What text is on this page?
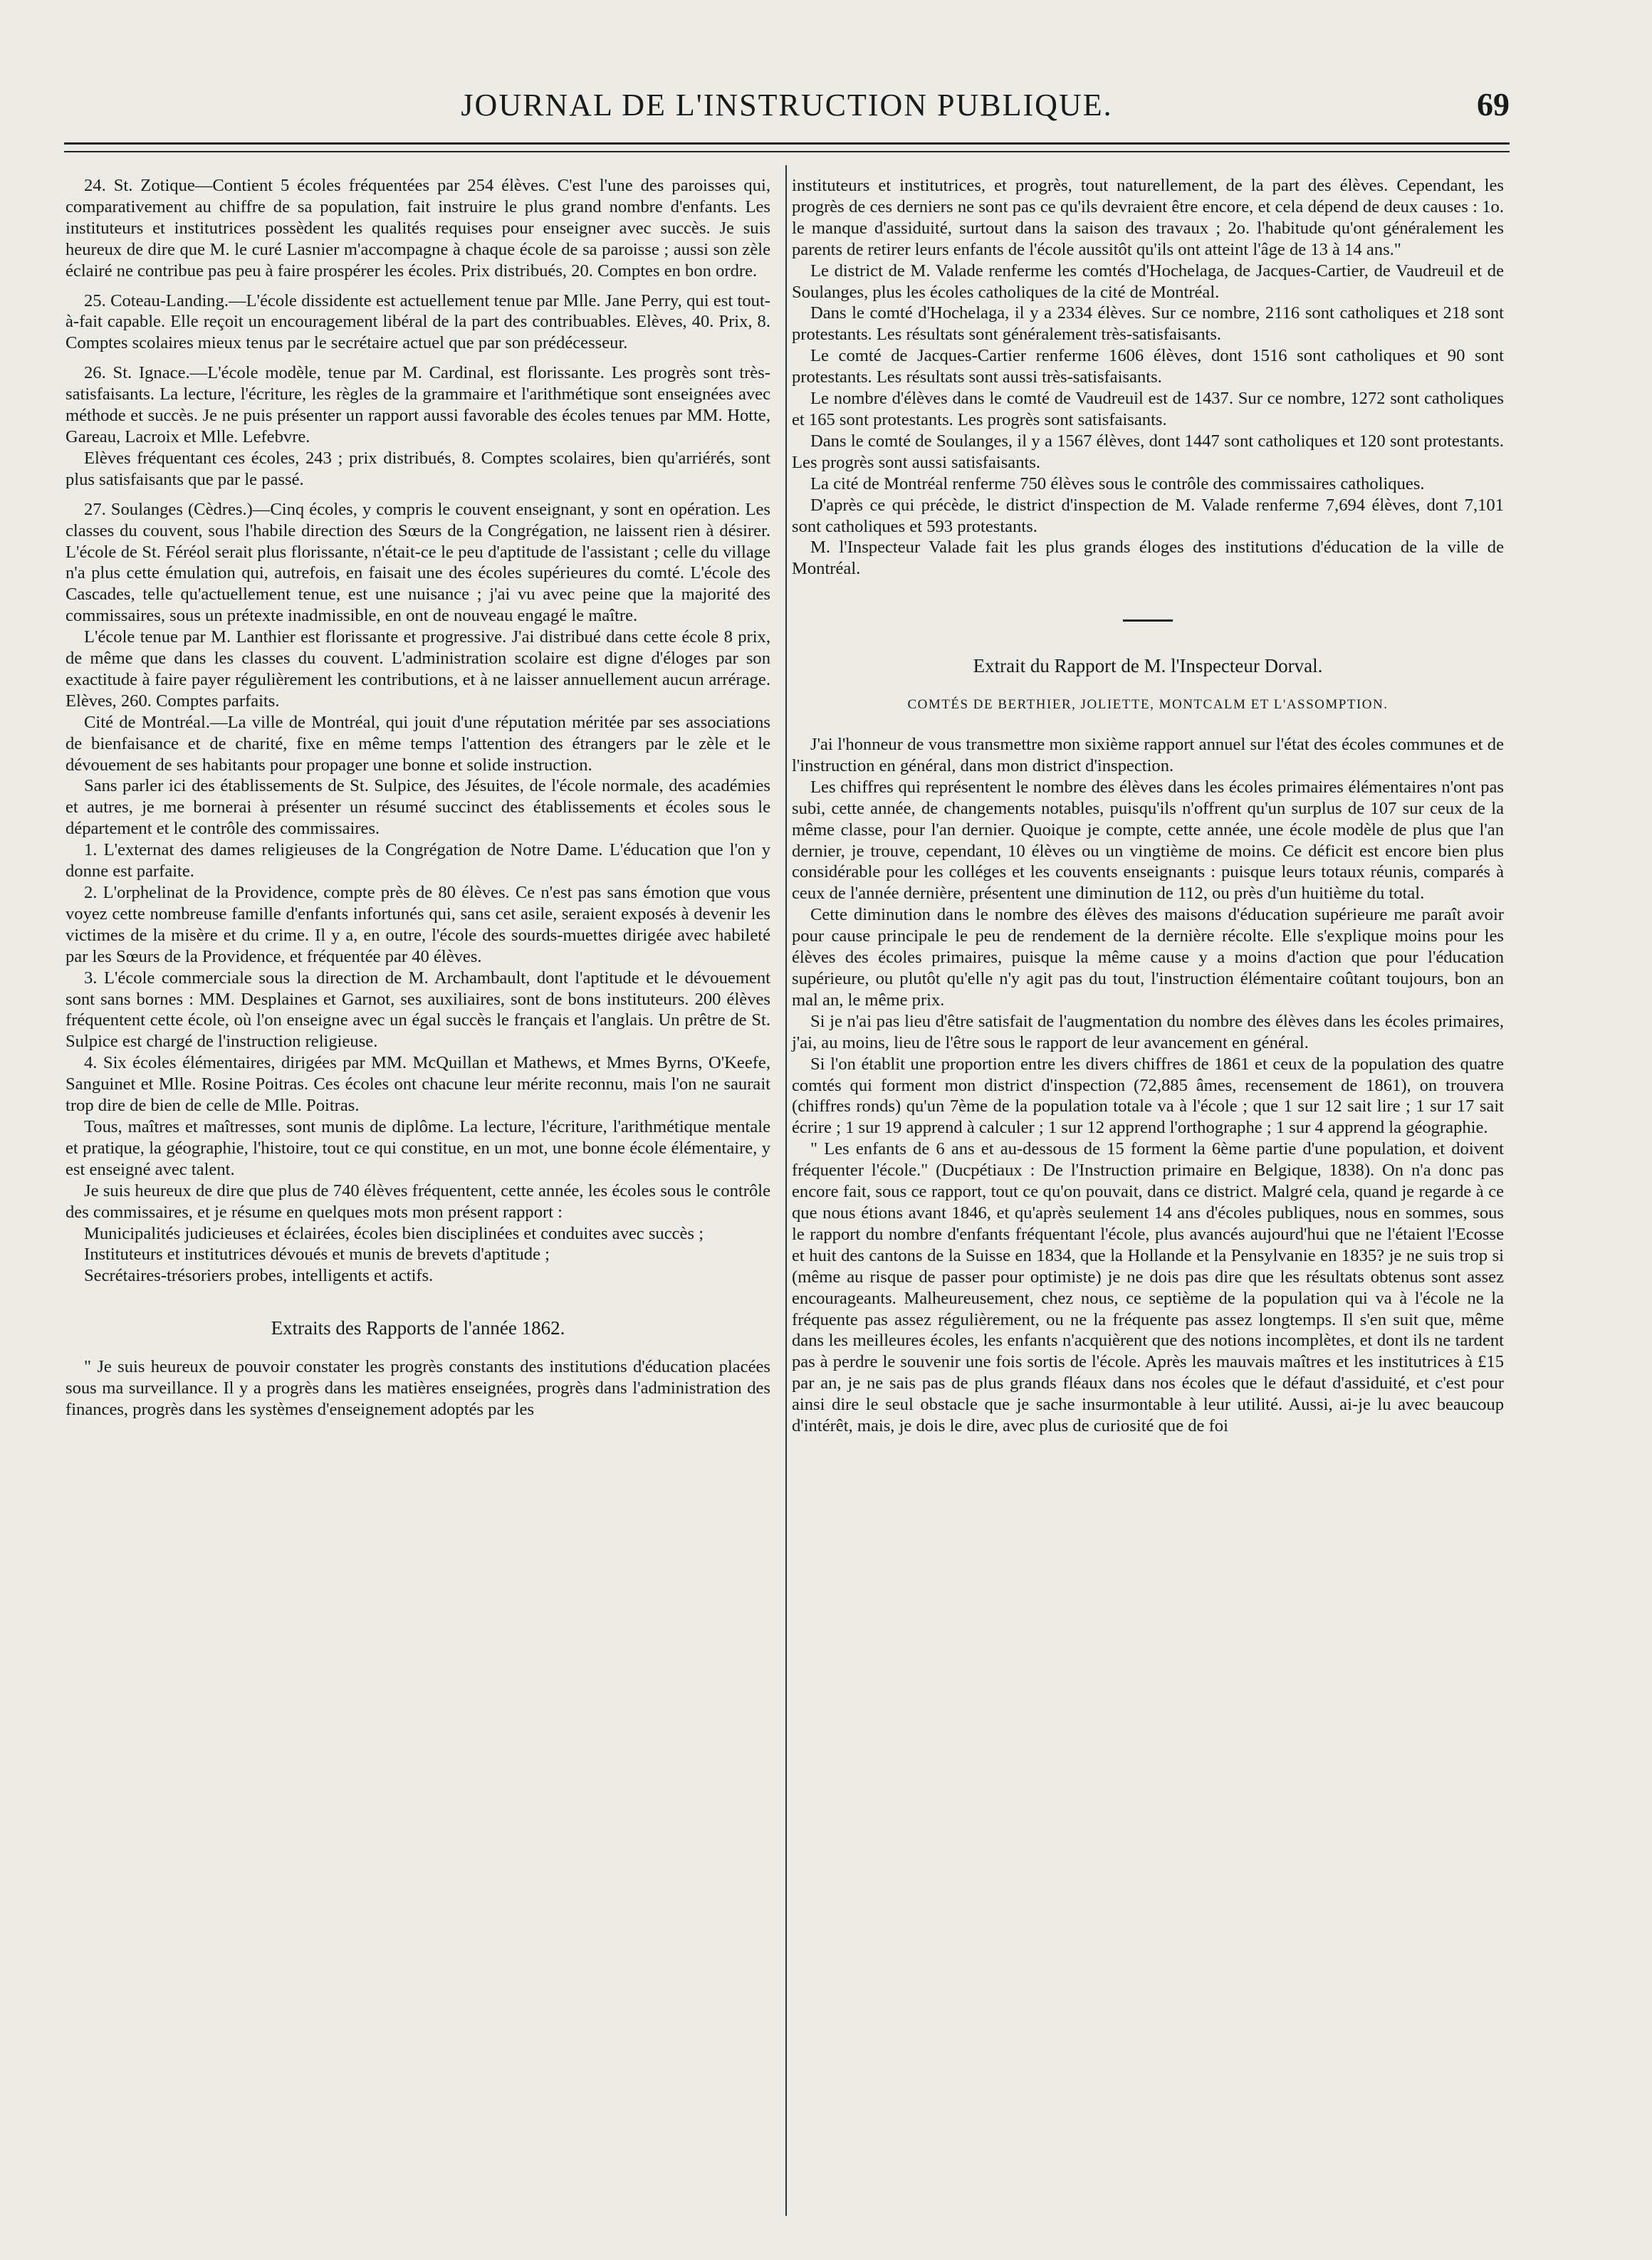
JOURNAL DE L'INSTRUCTION PUBLIQUE.	69

24. St. Zotique—Contient 5 écoles fréquentées par 254 élèves. C'est l'une des paroisses qui, comparativement au chiffre de sa population, fait instruire le plus grand nombre d'enfants. Les instituteurs et institutrices possèdent les qualités requises pour enseigner avec succès. Je suis heureux de dire que M. le curé Lasnier m'accompagne à chaque école de sa paroisse ; aussi son zèle éclairé ne contribue pas peu à faire prospérer les écoles. Prix distribués, 20. Comptes en bon ordre.

25. Coteau-Landing.—L'école dissidente est actuellement tenue par Mlle. Jane Perry, qui est tout-à-fait capable. Elle reçoit un encouragement libéral de la part des contribuables. Elèves, 40. Prix, 8. Comptes scolaires mieux tenus par le secrétaire actuel que par son prédécesseur.

26. St. Ignace.—L'école modèle, tenue par M. Cardinal, est florissante. Les progrès sont très-satisfaisants. La lecture, l'écriture, les règles de la grammaire et l'arithmétique sont enseignées avec méthode et succès. Je ne puis présenter un rapport aussi favorable des écoles tenues par MM. Hotte, Gareau, Lacroix et Mlle. Lefebvre.

Elèves fréquentant ces écoles, 243 ; prix distribués, 8. Comptes scolaires, bien qu'arriérés, sont plus satisfaisants que par le passé.

27. Soulanges (Cèdres.)—Cinq écoles, y compris le couvent enseignant, y sont en opération. Les classes du couvent, sous l'habile direction des Sœurs de la Congrégation, ne laissent rien à désirer. L'école de St. Féréol serait plus florissante, n'était-ce le peu d'aptitude de l'assistant ; celle du village n'a plus cette émulation qui, autrefois, en faisait une des écoles supérieures du comté. L'école des Cascades, telle qu'actuellement tenue, est une nuisance ; j'ai vu avec peine que la majorité des commissaires, sous un prétexte inadmissible, en ont de nouveau engagé le maître.

L'école tenue par M. Lanthier est florissante et progressive. J'ai distribué dans cette école 8 prix, de même que dans les classes du couvent. L'administration scolaire est digne d'éloges par son exactitude à faire payer régulièrement les contributions, et à ne laisser annuellement aucun arrérage. Elèves, 260. Comptes parfaits.

Cité de Montréal.—La ville de Montréal, qui jouit d'une réputation méritée par ses associations de bienfaisance et de charité, fixe en même temps l'attention des étrangers par le zèle et le dévouement de ses habitants pour propager une bonne et solide instruction.

Sans parler ici des établissements de St. Sulpice, des Jésuites, de l'école normale, des académies et autres, je me bornerai à présenter un résumé succinct des établissements et écoles sous le département et le contrôle des commissaires.

1. L'externat des dames religieuses de la Congrégation de Notre Dame. L'éducation que l'on y donne est parfaite.

2. L'orphelinat de la Providence, compte près de 80 élèves. Ce n'est pas sans émotion que vous voyez cette nombreuse famille d'enfants infortunés qui, sans cet asile, seraient exposés à devenir les victimes de la misère et du crime. Il y a, en outre, l'école des sourds-muettes dirigée avec habileté par les Sœurs de la Providence, et fréquentée par 40 élèves.

3. L'école commerciale sous la direction de M. Archambault, dont l'aptitude et le dévouement sont sans bornes : MM. Desplaines et Garnot, ses auxiliaires, sont de bons instituteurs. 200 élèves fréquentent cette école, où l'on enseigne avec un égal succès le français et l'anglais. Un prêtre de St. Sulpice est chargé de l'instruction religieuse.

4. Six écoles élémentaires, dirigées par MM. McQuillan et Mathews, et Mmes Byrns, O'Keefe, Sanguinet et Mlle. Rosine Poitras. Ces écoles ont chacune leur mérite reconnu, mais l'on ne saurait trop dire de bien de celle de Mlle. Poitras.

Tous, maîtres et maîtresses, sont munis de diplôme. La lecture, l'écriture, l'arithmétique mentale et pratique, la géographie, l'histoire, tout ce qui constitue, en un mot, une bonne école élémentaire, y est enseigné avec talent.

Je suis heureux de dire que plus de 740 élèves fréquentent, cette année, les écoles sous le contrôle des commissaires, et je résume en quelques mots mon présent rapport :

Municipalités judicieuses et éclairées, écoles bien disciplinées et conduites avec succès ;

Instituteurs et institutrices dévoués et munis de brevets d'aptitude ;

Secrétaires-trésoriers probes, intelligents et actifs.

Extraits des Rapports de l'année 1862.

" Je suis heureux de pouvoir constater les progrès constants des institutions d'éducation placées sous ma surveillance. Il y a progrès dans les matières enseignées, progrès dans l'administration des finances, progrès dans les systèmes d'enseignement adoptés par les

instituteurs et institutrices, et progrès, tout naturellement, de la part des élèves. Cependant, les progrès de ces derniers ne sont pas ce qu'ils devraient être encore, et cela dépend de deux causes : 1o. le manque d'assiduité, surtout dans la saison des travaux ; 2o. l'habitude qu'ont généralement les parents de retirer leurs enfants de l'école aussitôt qu'ils ont atteint l'âge de 13 à 14 ans."

Le district de M. Valade renferme les comtés d'Hochelaga, de Jacques-Cartier, de Vaudreuil et de Soulanges, plus les écoles catholiques de la cité de Montréal.

Dans le comté d'Hochelaga, il y a 2334 élèves. Sur ce nombre, 2116 sont catholiques et 218 sont protestants. Les résultats sont généralement très-satisfaisants.

Le comté de Jacques-Cartier renferme 1606 élèves, dont 1516 sont catholiques et 90 sont protestants. Les résultats sont aussi très-satisfaisants.

Le nombre d'élèves dans le comté de Vaudreuil est de 1437. Sur ce nombre, 1272 sont catholiques et 165 sont protestants. Les progrès sont satisfaisants.

Dans le comté de Soulanges, il y a 1567 élèves, dont 1447 sont catholiques et 120 sont protestants. Les progrès sont aussi satisfaisants.

La cité de Montréal renferme 750 élèves sous le contrôle des commissaires catholiques.

D'après ce qui précède, le district d'inspection de M. Valade renferme 7,694 élèves, dont 7,101 sont catholiques et 593 protestants.

M. l'Inspecteur Valade fait les plus grands éloges des institutions d'éducation de la ville de Montréal.

Extrait du Rapport de M. l'Inspecteur Dorval.
COMTÉS DE BERTHIER, JOLIETTE, MONTCALM ET L'ASSOMPTION.

J'ai l'honneur de vous transmettre mon sixième rapport annuel sur l'état des écoles communes et de l'instruction en général, dans mon district d'inspection.

Les chiffres qui représentent le nombre des élèves dans les écoles primaires élémentaires n'ont pas subi, cette année, de changements notables, puisqu'ils n'offrent qu'un surplus de 107 sur ceux de la même classe, pour l'an dernier. Quoique je compte, cette année, une école modèle de plus que l'an dernier, je trouve, cependant, 10 élèves ou un vingtième de moins. Ce déficit est encore bien plus considérable pour les colléges et les couvents enseignants : puisque leurs totaux réunis, comparés à ceux de l'année dernière, présentent une diminution de 112, ou près d'un huitième du total.

Cette diminution dans le nombre des élèves des maisons d'éducation supérieure me paraît avoir pour cause principale le peu de rendement de la dernière récolte. Elle s'explique moins pour les élèves des écoles primaires, puisque la même cause y a moins d'action que pour l'éducation supérieure, ou plutôt qu'elle n'y agit pas du tout, l'instruction élémentaire coûtant toujours, bon an mal an, le même prix.

Si je n'ai pas lieu d'être satisfait de l'augmentation du nombre des élèves dans les écoles primaires, j'ai, au moins, lieu de l'être sous le rapport de leur avancement en général.

Si l'on établit une proportion entre les divers chiffres de 1861 et ceux de la population des quatre comtés qui forment mon district d'inspection (72,885 âmes, recensement de 1861), on trouvera (chiffres ronds) qu'un 7ème de la population totale va à l'école ; que 1 sur 12 sait lire ; 1 sur 17 sait écrire ; 1 sur 19 apprend à calculer ; 1 sur 12 apprend l'orthographe ; 1 sur 4 apprend la géographie.

" Les enfants de 6 ans et au-dessous de 15 forment la 6ème partie d'une population, et doivent fréquenter l'école." (Ducpétiaux : De l'Instruction primaire en Belgique, 1838). On n'a donc pas encore fait, sous ce rapport, tout ce qu'on pouvait, dans ce district. Malgré cela, quand je regarde à ce que nous étions avant 1846, et qu'après seulement 14 ans d'écoles publiques, nous en sommes, sous le rapport du nombre d'enfants fréquentant l'école, plus avancés aujourd'hui que ne l'étaient l'Ecosse et huit des cantons de la Suisse en 1834, que la Hollande et la Pensylvanie en 1835? je ne suis trop si (même au risque de passer pour optimiste) je ne dois pas dire que les résultats obtenus sont assez encourageants. Malheureusement, chez nous, ce septième de la population qui va à l'école ne la fréquente pas assez régulièrement, ou ne la fréquente pas assez longtemps. Il s'en suit que, même dans les meilleures écoles, les enfants n'acquièrent que des notions incomplètes, et dont ils ne tardent pas à perdre le souvenir une fois sortis de l'école. Après les mauvais maîtres et les institutrices à £15 par an, je ne sais pas de plus grands fléaux dans nos écoles que le défaut d'assiduité, et c'est pour ainsi dire le seul obstacle que je sache insurmontable à leur utilité. Aussi, ai-je lu avec beaucoup d'intérêt, mais, je dois le dire, avec plus de curiosité que de foi
